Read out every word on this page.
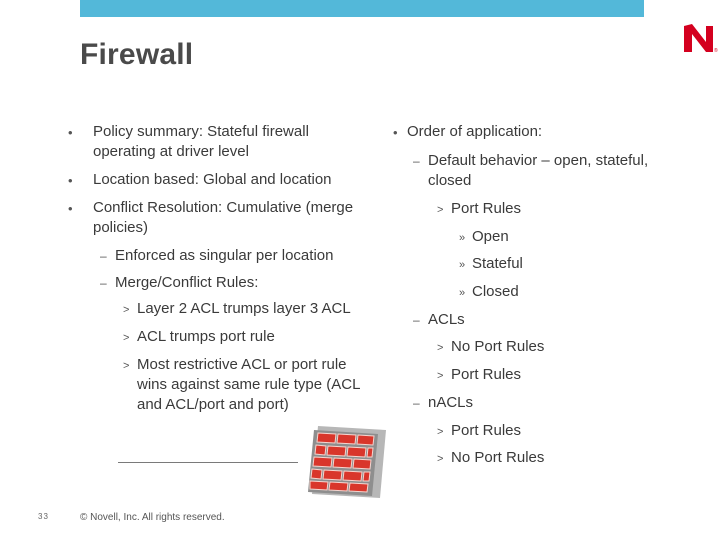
®
Firewall
• Policy summary: Stateful firewall
operating at driver level
• Location based: Global and location
• Conflict Resolution: Cumulative (merge
policies)
– Enforced as singular per location
– Merge/Conflict Rules:
> Layer 2 ACL trumps layer 3 ACL
> ACL trumps port rule
> Most restrictive ACL or port rule
wins against same rule type (ACL
and ACL/port and port)
• Order of application:
– Default behavior – open, stateful,
closed
> Port Rules
» Open
» Stateful
» Closed
– ACLs
> No Port Rules
> Port Rules
– nACLs
> Port Rules
> No Port Rules
33	© Novell, Inc. All rights reserved.
